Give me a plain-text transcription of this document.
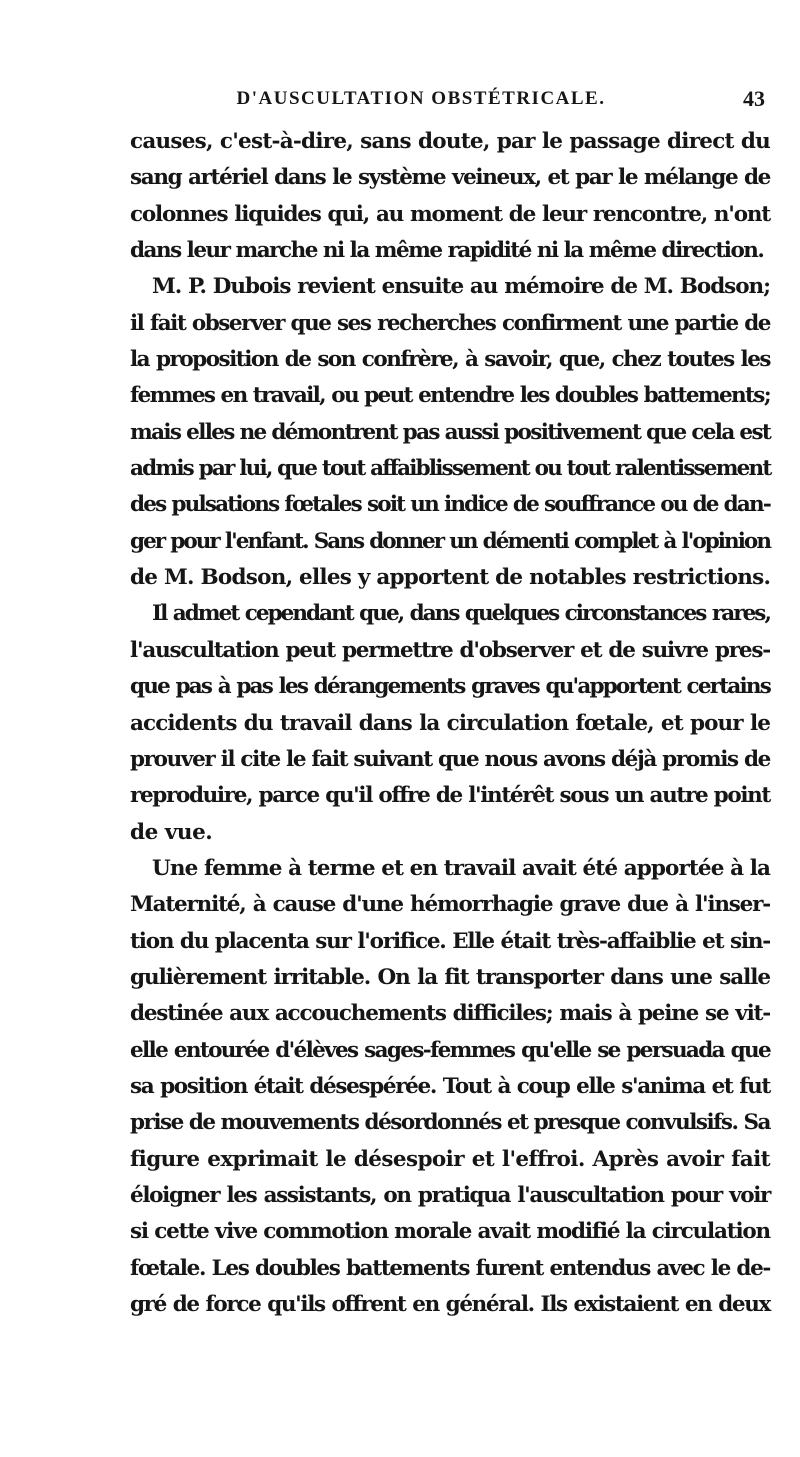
D'AUSCULTATION OBSTÉTRICALE.	43
causes, c'est-à-dire, sans doute, par le passage direct du
sang artériel dans le système veineux, et par le mélange de
colonnes liquides qui, au moment de leur rencontre, n'ont
dans leur marche ni la même rapidité ni la même direction.
M. P. Dubois revient ensuite au mémoire de M. Bodson;
il fait observer que ses recherches confirment une partie de
la proposition de son confrère, à savoir, que, chez toutes les
femmes en travail, ou peut entendre les doubles battements;
mais elles ne démontrent pas aussi positivement que cela est
admis par lui, que tout affaiblissement ou tout ralentissement
des pulsations fœtales soit un indice de souffrance ou de dan-
ger pour l'enfant. Sans donner un démenti complet à l'opinion
de M. Bodson, elles y apportent de notables restrictions.
Il admet cependant que, dans quelques circonstances rares,
l'auscultation peut permettre d'observer et de suivre pres-
que pas à pas les dérangements graves qu'apportent certains
accidents du travail dans la circulation fœtale, et pour le
prouver il cite le fait suivant que nous avons déjà promis de
reproduire, parce qu'il offre de l'intérêt sous un autre point
de vue.
Une femme à terme et en travail avait été apportée à la
Maternité, à cause d'une hémorrhagie grave due à l'inser-
tion du placenta sur l'orifice. Elle était très-affaiblie et sin-
gulièrement irritable. On la fit transporter dans une salle
destinée aux accouchements difficiles; mais à peine se vit-
elle entourée d'élèves sages-femmes qu'elle se persuada que
sa position était désespérée. Tout à coup elle s'anima et fut
prise de mouvements désordonnés et presque convulsifs. Sa
figure exprimait le désespoir et l'effroi. Après avoir fait
éloigner les assistants, on pratiqua l'auscultation pour voir
si cette vive commotion morale avait modifié la circulation
fœtale. Les doubles battements furent entendus avec le de-
gré de force qu'ils offrent en général. Ils existaient en deux
